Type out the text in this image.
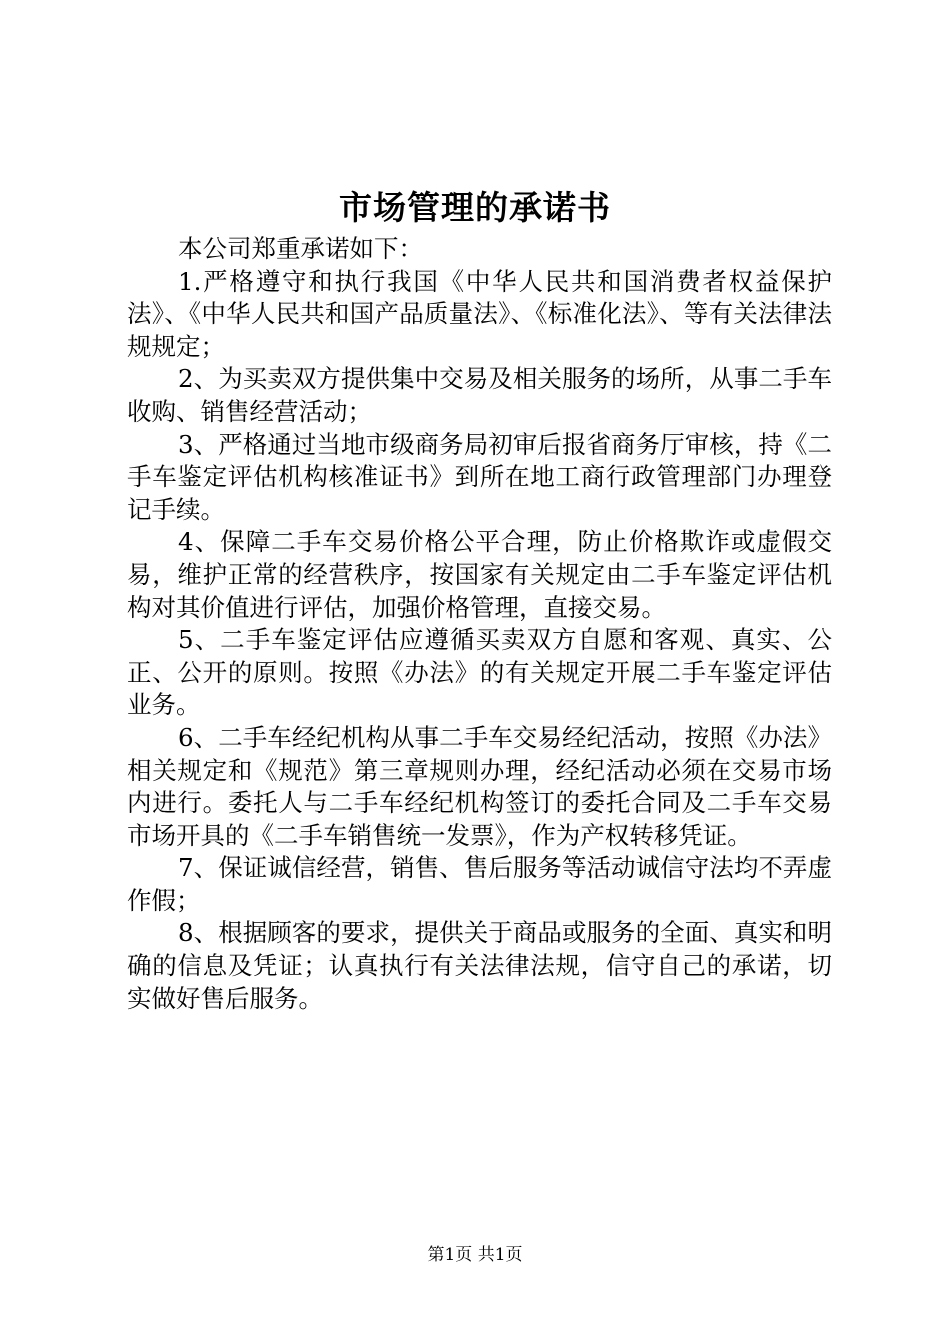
市场管理的承诺书

本公司郑重承诺如下：

1.严格遵守和执行我国《中华人民共和国消费者权益保护法》、《中华人民共和国产品质量法》、《标准化法》、等有关法律法规规定；

2、为买卖双方提供集中交易及相关服务的场所，从事二手车收购、销售经营活动；

3、严格通过当地市级商务局初审后报省商务厅审核，持《二手车鉴定评估机构核准证书》到所在地工商行政管理部门办理登记手续。

4、保障二手车交易价格公平合理，防止价格欺诈或虚假交易，维护正常的经营秩序，按国家有关规定由二手车鉴定评估机构对其价值进行评估，加强价格管理，直接交易。

5、二手车鉴定评估应遵循买卖双方自愿和客观、真实、公正、公开的原则。按照《办法》的有关规定开展二手车鉴定评估业务。

6、二手车经纪机构从事二手车交易经纪活动，按照《办法》相关规定和《规范》第三章规则办理，经纪活动必须在交易市场内进行。委托人与二手车经纪机构签订的委托合同及二手车交易市场开具的《二手车销售统一发票》，作为产权转移凭证。

7、保证诚信经营，销售、售后服务等活动诚信守法均不弄虚作假；

8、根据顾客的要求，提供关于商品或服务的全面、真实和明确的信息及凭证；认真执行有关法律法规，信守自己的承诺，切实做好售后服务。

第1页 共1页
